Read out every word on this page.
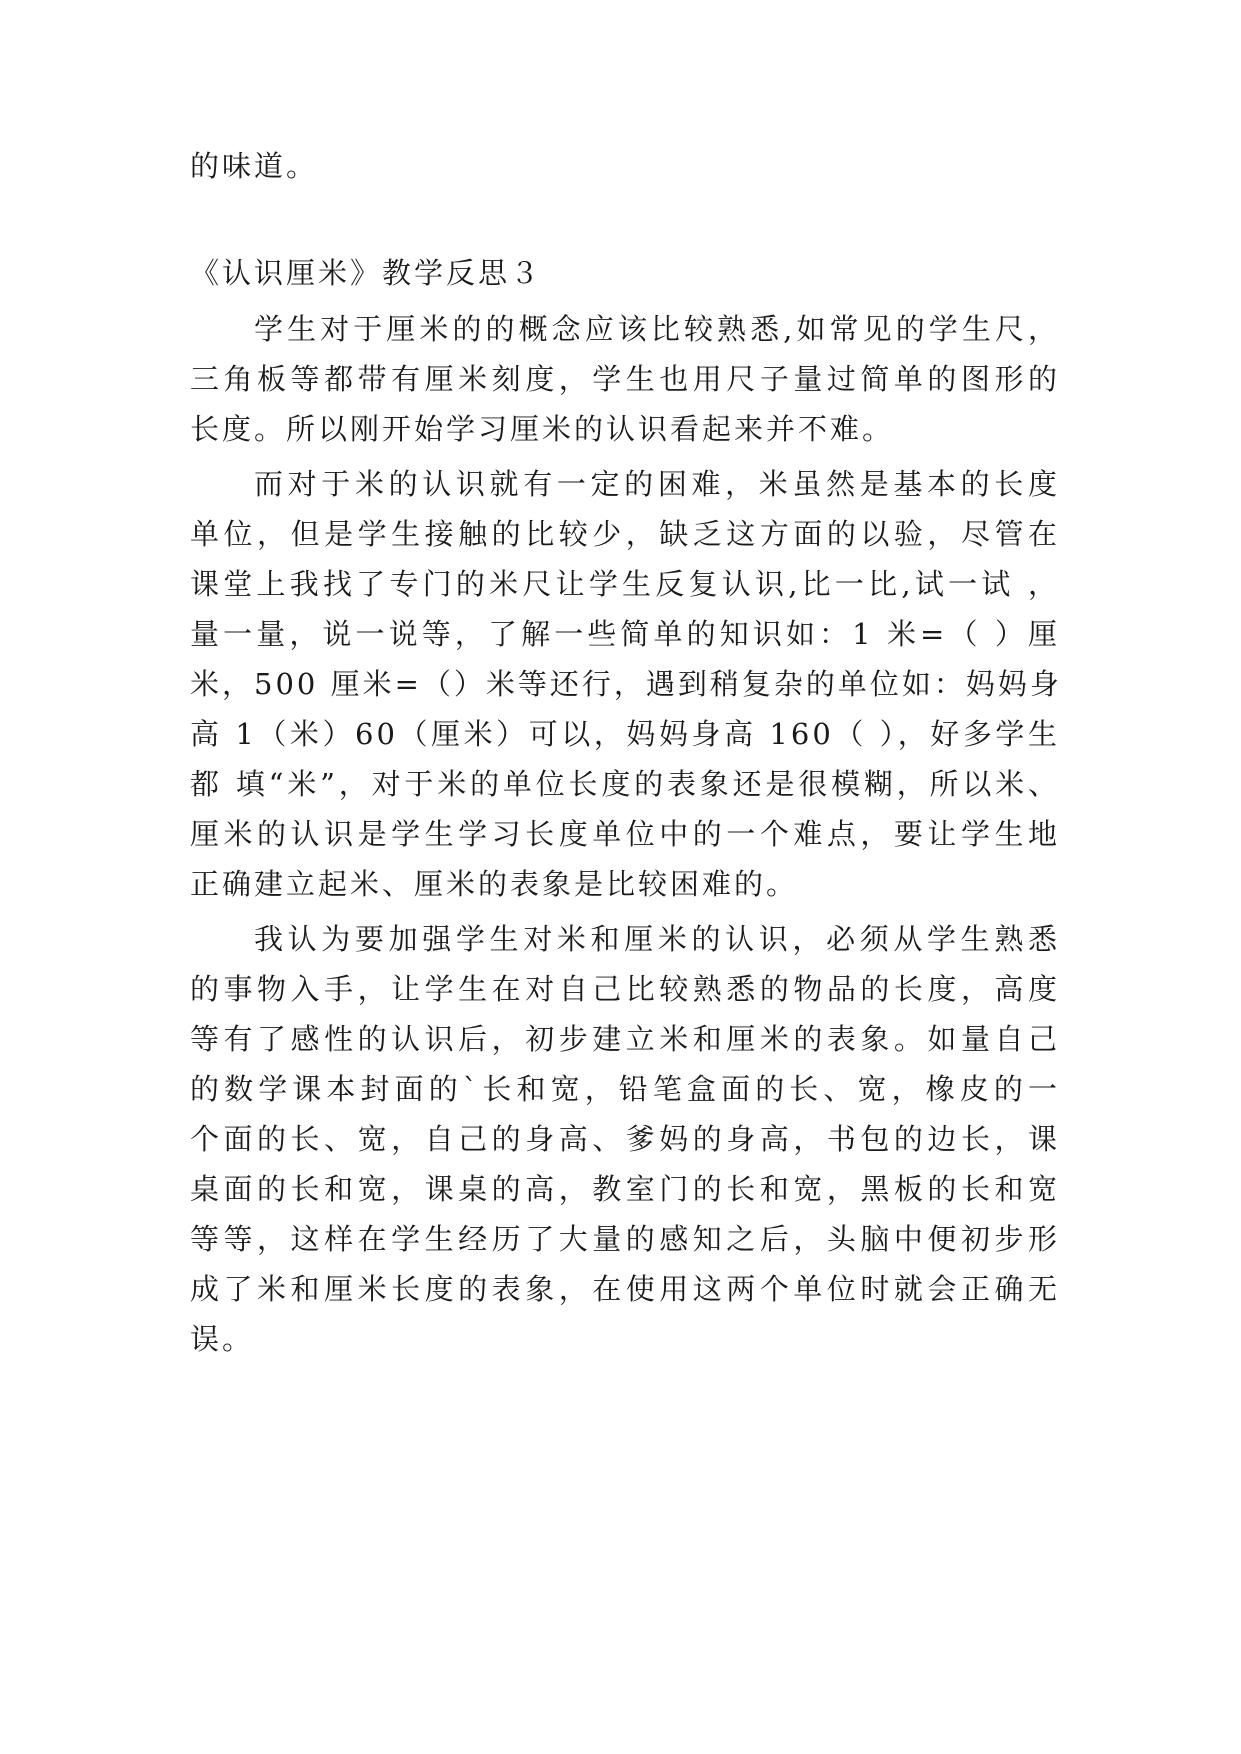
的味道。
《认识厘米》教学反思３
学生对于厘米的的概念应该比较熟悉,如常见的学生尺，
三角板等都带有厘米刻度，学生也用尺子量过简单的图形的
长度。所以刚开始学习厘米的认识看起来并不难。
而对于米的认识就有一定的困难，米虽然是基本的长度
单位，但是学生接触的比较少，缺乏这方面的以验，尽管在
课堂上我找了专门的米尺让学生反复认识,比一比,试一试 ，
量一量，说一说等，了解一些简单的知识如：1 米=（ ）厘
米，500 厘米=（）米等还行，遇到稍复杂的单位如：妈妈身
高 1（米）60（厘米）可以，妈妈身高 160（ ），好多学生
都 填“米”，对于米的单位长度的表象还是很模糊，所以米、
厘米的认识是学生学习长度单位中的一个难点，要让学生地
正确建立起米、厘米的表象是比较困难的。
我认为要加强学生对米和厘米的认识，必须从学生熟悉
的事物入手，让学生在对自己比较熟悉的物品的长度，高度
等有了感性的认识后，初步建立米和厘米的表象。如量自己
的数学课本封面的`长和宽，铅笔盒面的长、宽，橡皮的一
个面的长、宽，自己的身高、爹妈的身高，书包的边长，课
桌面的长和宽，课桌的高，教室门的长和宽，黑板的长和宽
等等，这样在学生经历了大量的感知之后，头脑中便初步形
成了米和厘米长度的表象，在使用这两个单位时就会正确无
误。
